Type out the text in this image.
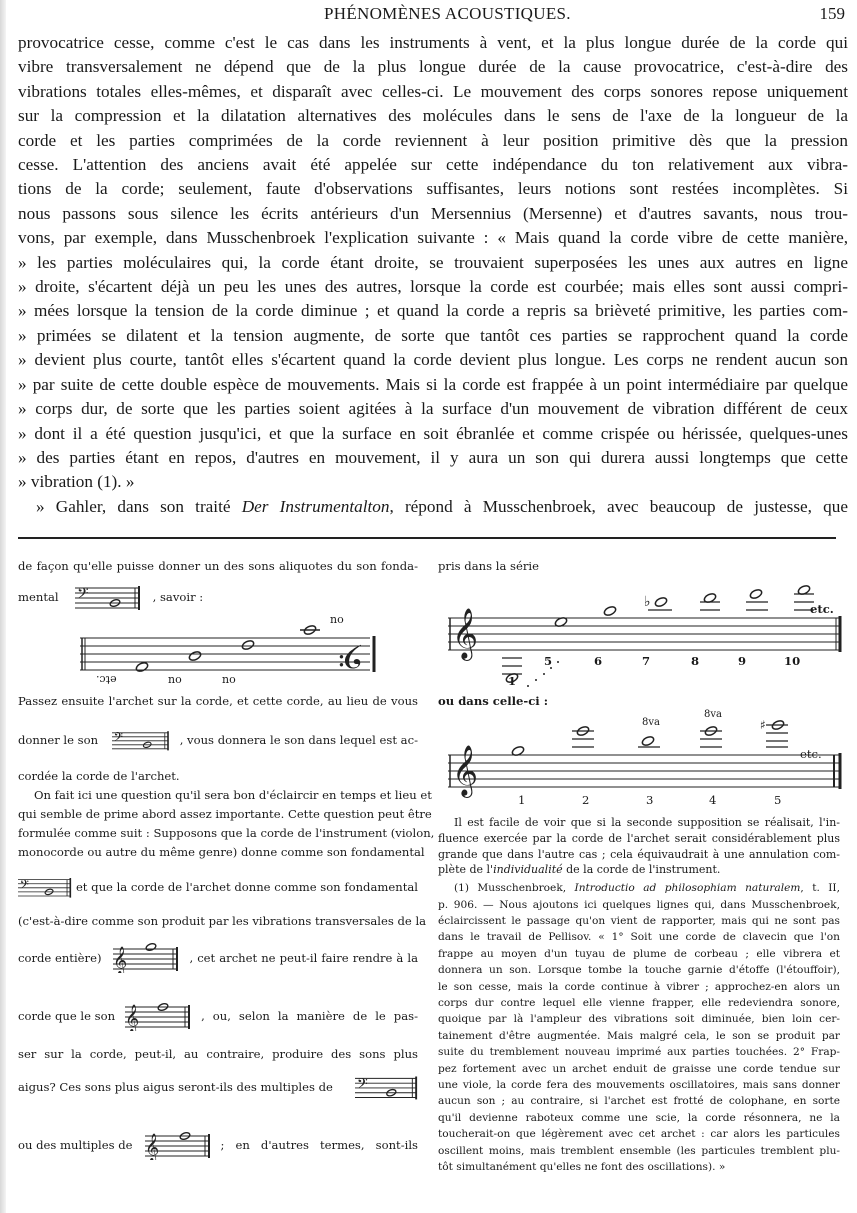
PHÉNOMÈNES ACOUSTIQUES.	159

provocatrice cesse, comme c'est le cas dans les instruments à vent, et la plus longue durée de la corde qui
vibre transversalement ne dépend que de la plus longue durée de la cause provocatrice, c'est-à-dire des
vibrations totales elles-mêmes, et disparaît avec celles-ci. Le mouvement des corps sonores repose uniquement
sur la compression et la dilatation alternatives des molécules dans le sens de l'axe de la longueur de la
corde et les parties comprimées de la corde reviennent à leur position primitive dès que la pression
cesse. L'attention des anciens avait été appelée sur cette indépendance du ton relativement aux vibra-
tions de la corde; seulement, faute d'observations suffisantes, leurs notions sont restées incomplètes. Si
nous passons sous silence les écrits antérieurs d'un Mersennius (Mersenne) et d'autres savants, nous trou-
vons, par exemple, dans Musschenbroek l'explication suivante : « Mais quand la corde vibre de cette manière,
» les parties moléculaires qui, la corde étant droite, se trouvaient superposées les unes aux autres en ligne
» droite, s'écartent déjà un peu les unes des autres, lorsque la corde est courbée; mais elles sont aussi compri-
» mées lorsque la tension de la corde diminue ; et quand la corde a repris sa brièveté primitive, les parties com-
» primées se dilatent et la tension augmente, de sorte que tantôt ces parties se rapprochent quand la corde
» devient plus courte, tantôt elles s'écartent quand la corde devient plus longue. Les corps ne rendent aucun son
» par suite de cette double espèce de mouvements. Mais si la corde est frappée à un point intermédiaire par quelque
» corps dur, de sorte que les parties soient agitées à la surface d'un mouvement de vibration différent de ceux
» dont il a été question jusqu'ici, et que la surface en soit ébranlée et comme crispée ou hérissée, quelques-unes
» des parties étant en repos, d'autres en mouvement, il y aura un son qui durera aussi longtemps que cette
» vibration (1). »

» Gahler, dans son traité Der Instrumentalton, répond à Musschenbroek, avec beaucoup de justesse, que

de façon qu'elle puisse donner un des sons aliquotes du son fonda-
mental 𝄢	, savoir :
𝄢
no
etc.	no	no
Passez ensuite l'archet sur la corde, et cette corde, au lieu de vous
donner le son 𝄢	, vous donnera le son dans lequel est ac-
cordée la corde de l'archet.
On fait ici une question qu'il sera bon d'éclaircir en temps et lieu et
qui semble de prime abord assez importante. Cette question peut être
formulée comme suit : Supposons que la corde de l'instrument (violon,
monocorde ou autre du même genre) donne comme son fondamental
𝄢	et que la corde de l'archet donne comme son fondamental
(c'est-à-dire comme son produit par les vibrations transversales de la
corde entière) 𝄞	, cet archet ne peut-il faire rendre à la
corde que le son 𝄞	, ou, selon la manière de le pas-
ser sur la corde, peut-il, au contraire, produire des sons plus
aigus? Ces sons plus aigus seront-ils des multiples de 𝄢
ou des multiples de 𝄞	; en d'autres termes, sont-ils
pris dans la série
𝄞
♭
1
5	6	7	8	9	10
etc.
ou dans celle-ci :
𝄞
♯
8va
8va
1	2	3	4	5
etc.
Il est facile de voir que si la seconde supposition se réalisait, l'in-
fluence exercée par la corde de l'archet serait considérablement plus
grande que dans l'autre cas ; cela équivaudrait à une annulation com-
plète de l'individualité de la corde de l'instrument.
(1) Musschenbroek, Introductio ad philosophiam naturalem, t. II,
p. 906. — Nous ajoutons ici quelques lignes qui, dans Musschenbroek,
éclaircissent le passage qu'on vient de rapporter, mais qui ne sont pas
dans le travail de Pellisov. « 1° Soit une corde de clavecin que l'on
frappe au moyen d'un tuyau de plume de corbeau ; elle vibrera et
donnera un son. Lorsque tombe la touche garnie d'étoffe (l'étouffoir),
le son cesse, mais la corde continue à vibrer ; approchez-en alors un
corps dur contre lequel elle vienne frapper, elle redeviendra sonore,
quoique par là l'ampleur des vibrations soit diminuée, bien loin cer-
tainement d'être augmentée. Mais malgré cela, le son se produit par
suite du tremblement nouveau imprimé aux parties touchées. 2° Frap-
pez fortement avec un archet enduit de graisse une corde tendue sur
une viole, la corde fera des mouvements oscillatoires, mais sans donner
aucun son ; au contraire, si l'archet est frotté de colophane, en sorte
qu'il devienne raboteux comme une scie, la corde résonnera, ne la
toucherait-on que légèrement avec cet archet : car alors les particules
oscillent moins, mais tremblent ensemble (les particules tremblent plu-
tôt simultanément qu'elles ne font des oscillations). »
